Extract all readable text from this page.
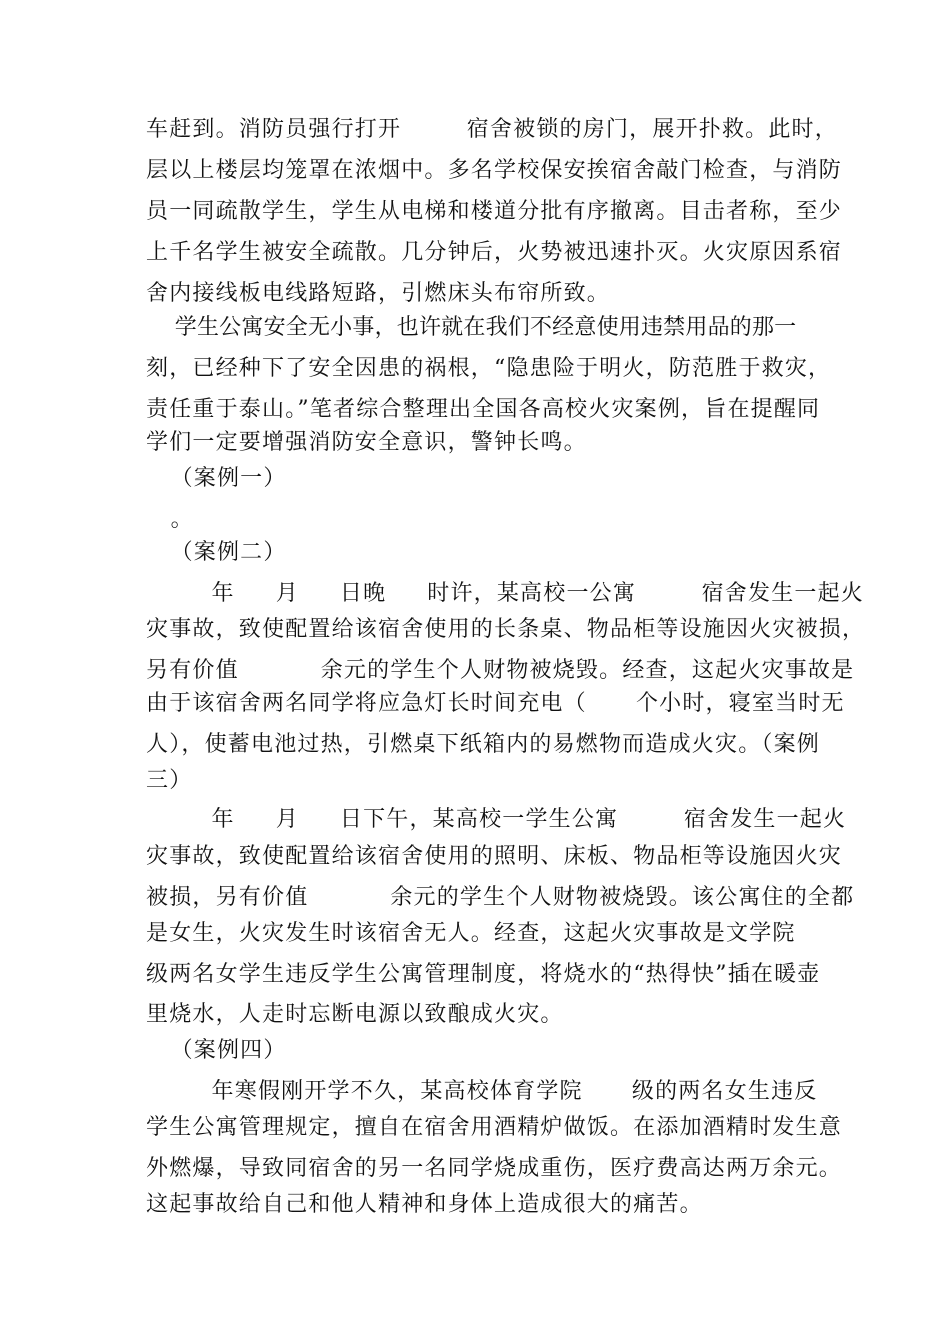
车赶到。消防员强行打开        宿舍被锁的房门，展开扑救。此时，
层以上楼层均笼罩在浓烟中。多名学校保安挨宿舍敲门检查，与消防
员一同疏散学生，学生从电梯和楼道分批有序撤离。目击者称，至少
上千名学生被安全疏散。几分钟后，火势被迅速扑灭。火灾原因系宿
舍内接线板电线路短路，引燃床头布帘所致。
学生公寓安全无小事，也许就在我们不经意使用违禁用品的那一
刻，已经种下了安全因患的祸根，“隐患险于明火，防范胜于救灾，
责任重于泰山。”笔者综合整理出全国各高校火灾案例，旨在提醒同
学们一定要增强消防安全意识，警钟长鸣。
（案例一）
。
（案例二）
年     月     日晚     时许，某高校一公寓        宿舍发生一起火
灾事故，致使配置给该宿舍使用的长条桌、物品柜等设施因火灾被损，
另有价值          余元的学生个人财物被烧毁。经查，这起火灾事故是
由于该宿舍两名同学将应急灯长时间充电（      个小时，寝室当时无
人），使蓄电池过热，引燃桌下纸箱内的易燃物而造成火灾。（案例
三）
年     月     日下午，某高校一学生公寓        宿舍发生一起火
灾事故，致使配置给该宿舍使用的照明、床板、物品柜等设施因火灾
被损，另有价值          余元的学生个人财物被烧毁。该公寓住的全都
是女生，火灾发生时该宿舍无人。经查，这起火灾事故是文学院
级两名女学生违反学生公寓管理制度，将烧水的“热得快”插在暖壶
里烧水，人走时忘断电源以致酿成火灾。
（案例四）
年寒假刚开学不久，某高校体育学院      级的两名女生违反
学生公寓管理规定，擅自在宿舍用酒精炉做饭。在添加酒精时发生意
外燃爆，导致同宿舍的另一名同学烧成重伤，医疗费高达两万余元。
这起事故给自己和他人精神和身体上造成很大的痛苦。
